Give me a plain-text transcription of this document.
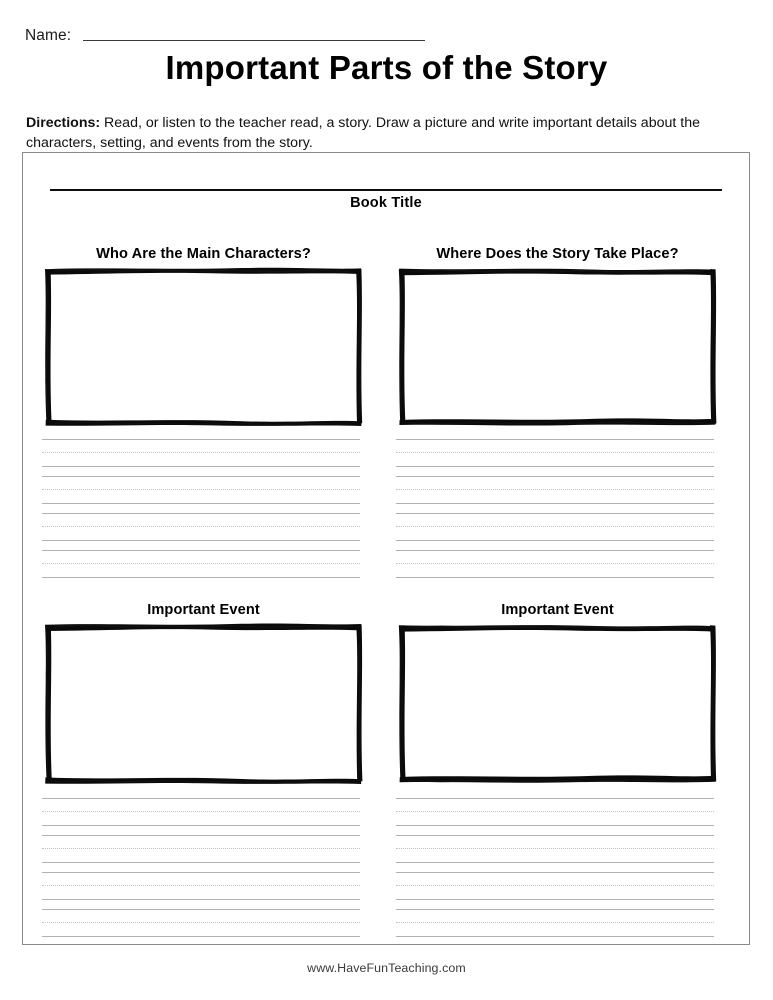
Name:
Important Parts of the Story
Directions: Read, or listen to the teacher read, a story. Draw a picture and write important details about the characters, setting, and events from the story.
Book Title
Who Are the Main Characters?	Where Does the Story Take Place?
Important Event	Important Event
www.HaveFunTeaching.com
